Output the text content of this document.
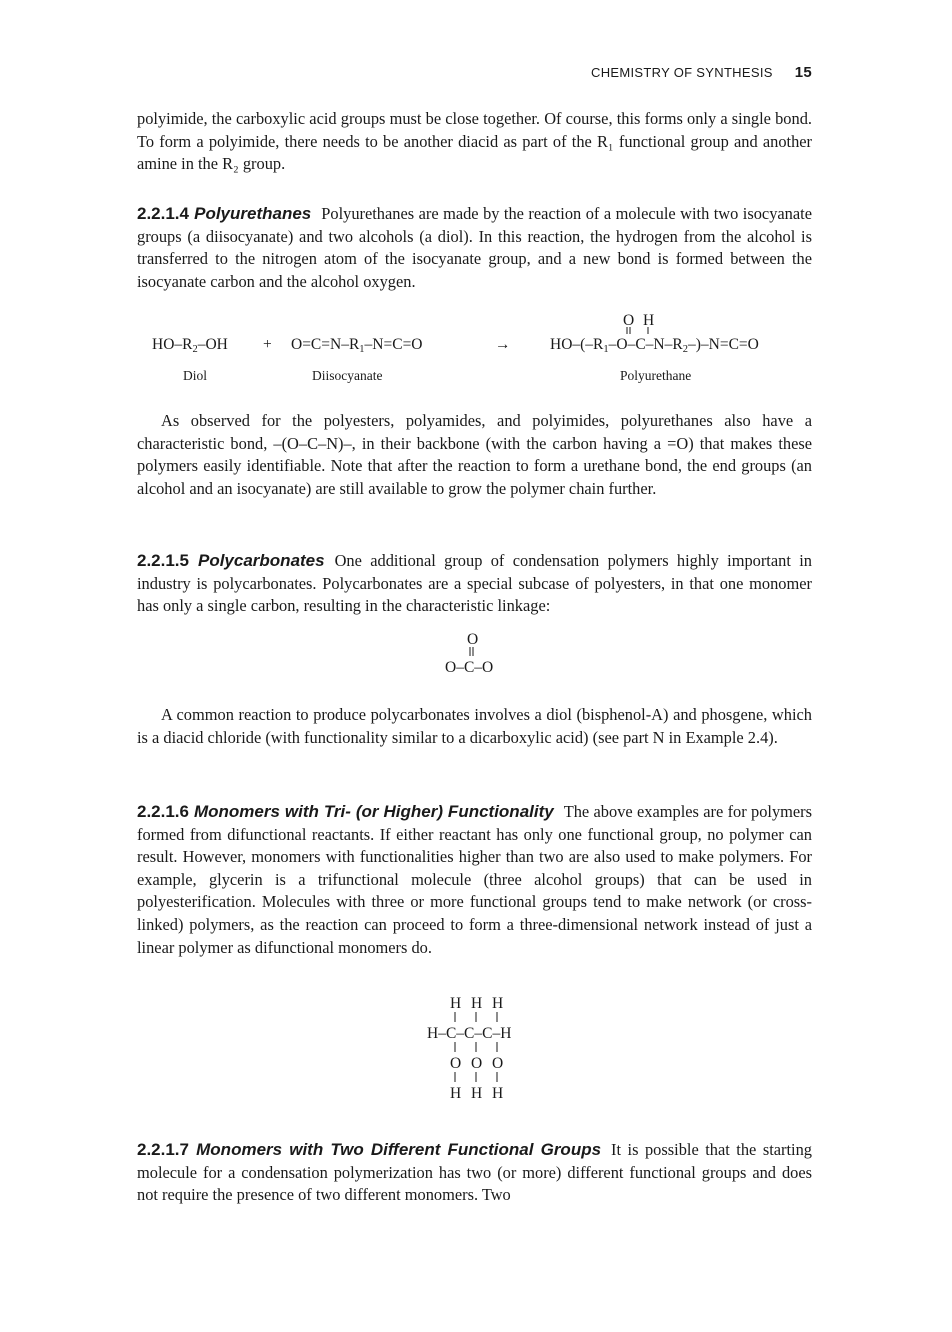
CHEMISTRY OF SYNTHESIS 15

polyimide, the carboxylic acid groups must be close together. Of course, this forms only a single bond. To form a polyimide, there needs to be another diacid as part of the R₁ functional group and another amine in the R₂ group.

2.2.1.4 Polyurethanes Polyurethanes are made by the reaction of a molecule with two isocyanate groups (a diisocyanate) and two alcohols (a diol). In this reaction, the hydrogen from the alcohol is transferred to the nitrogen atom of the isocyanate group, and a new bond is formed between the isocyanate carbon and the alcohol oxygen.

$HO-R_2-OH + O=C=N-R_1-N=C=O$	→
O H
$HO-(-R_1-O-C-N-R_2-)-N=C=O$
Diol	Diisocyanate	Polyurethane

As observed for the polyesters, polyamides, and polyimides, polyurethanes also have a characteristic bond, –(O–C–N)–, in their backbone (with the carbon having a =O) that makes these polymers easily identifiable. Note that after the reaction to form a urethane bond, the end groups (an alcohol and an isocyanate) are still available to grow the polymer chain further.

2.2.1.5 Polycarbonates One additional group of condensation polymers highly important in industry is polycarbonates. Polycarbonates are a special subcase of polyesters, in that one monomer has only a single carbon, resulting in the characteristic linkage:

O
O–C–O

A common reaction to produce polycarbonates involves a diol (bisphenol-A) and phosgene, which is a diacid chloride (with functionality similar to a dicarboxylic acid) (see part N in Example 2.4).

2.2.1.6 Monomers with Tri- (or Higher) Functionality The above examples are for polymers formed from difunctional reactants. If either reactant has only one functional group, no polymer can result. However, monomers with functionalities higher than two are also used to make polymers. For example, glycerin is a trifunctional molecule (three alcohol groups) that can be used in polyesterification. Molecules with three or more functional groups tend to make network (or cross-linked) polymers, as the reaction can proceed to form a three-dimensional network instead of just a linear polymer as difunctional monomers do.

H H H
H–C–C–C–H
O O O
H H H

2.2.1.7 Monomers with Two Different Functional Groups It is possible that the starting molecule for a condensation polymerization has two (or more) different functional groups and does not require the presence of two different monomers. Two
